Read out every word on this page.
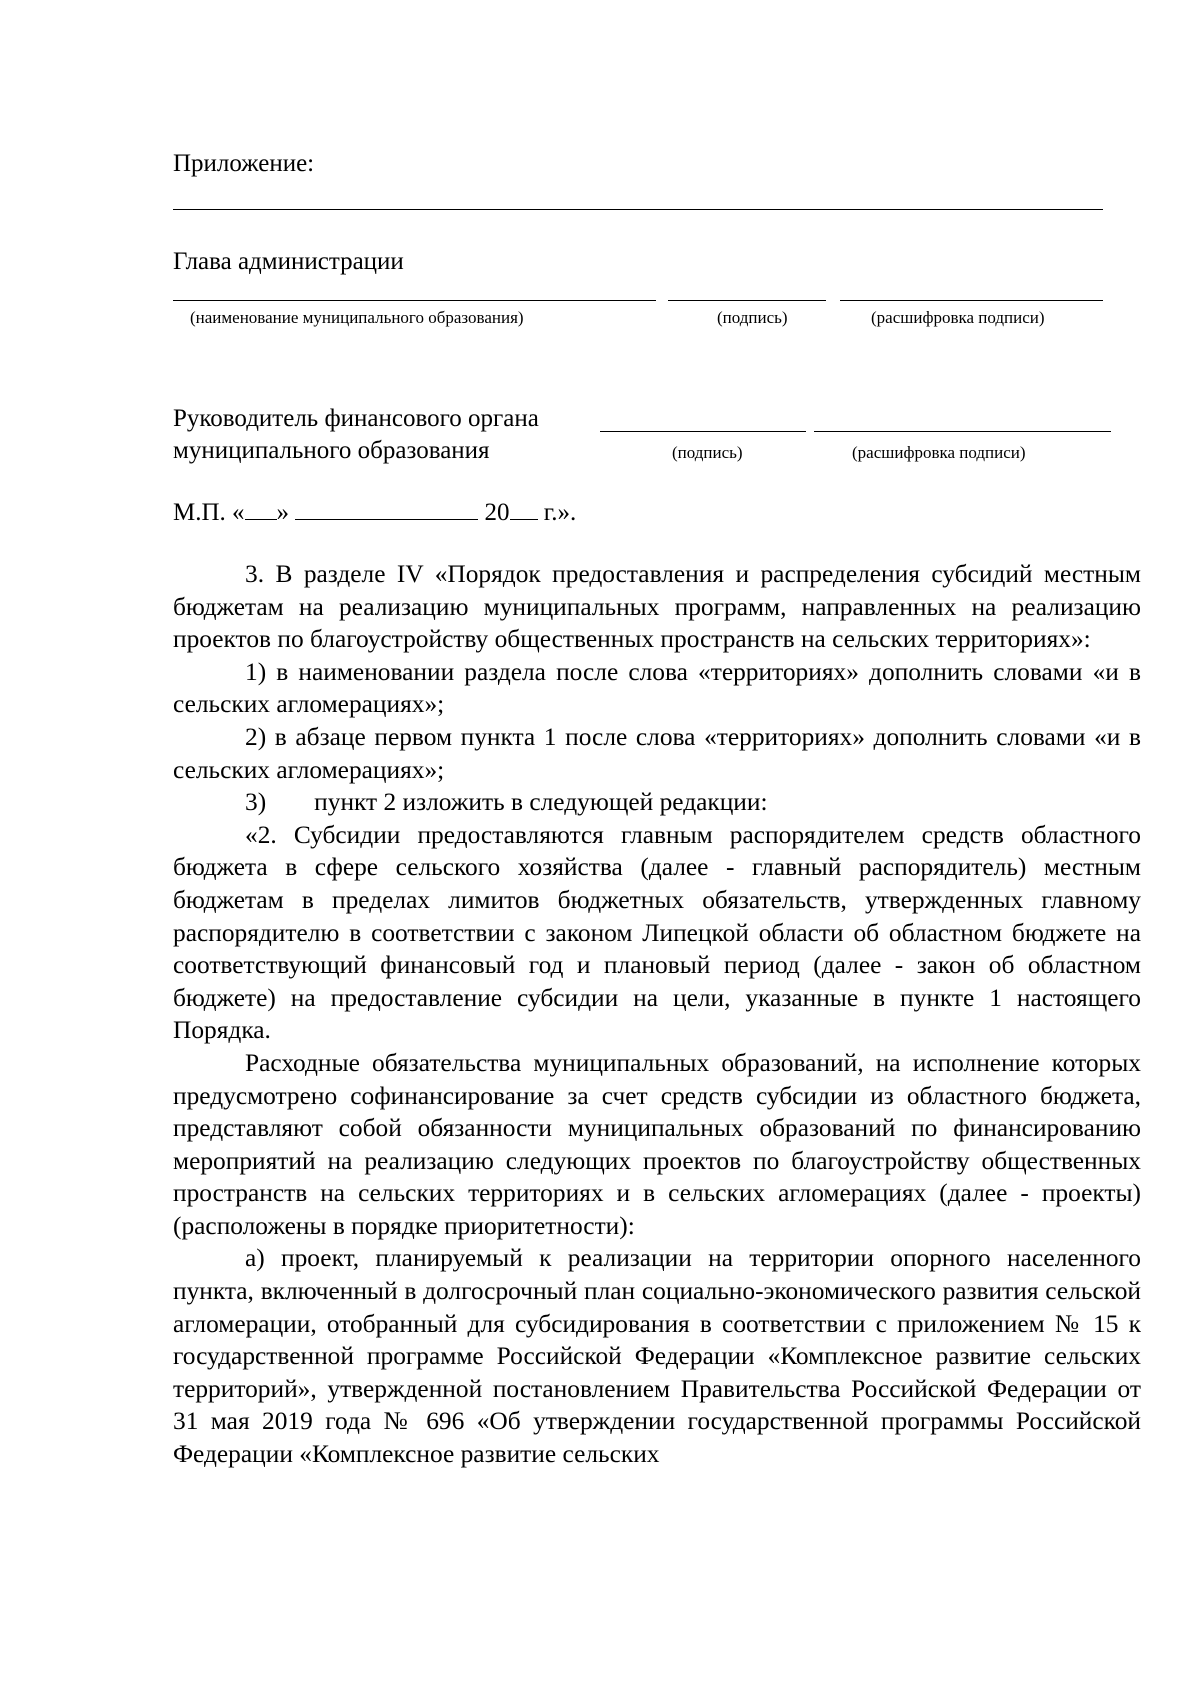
Приложение:
Глава администрации
(наименование муниципального образования)	(подпись)	(расшифровка подписи)
Руководитель финансового органа
муниципального образования	(подпись)	(расшифровка подписи)
М.П. « »	20 г.».

3. В разделе IV «Порядок предоставления и распределения субсидий местным бюджетам на реализацию муниципальных программ, направленных на реализацию проектов по благоустройству общественных пространств на сельских территориях»:

1) в наименовании раздела после слова «территориях» дополнить словами «и в сельских агломерациях»;

2) в абзаце первом пункта 1 после слова «территориях» дополнить словами «и в сельских агломерациях»;

3) пункт 2 изложить в следующей редакции:

«2. Субсидии предоставляются главным распорядителем средств областного бюджета в сфере сельского хозяйства (далее - главный распорядитель) местным бюджетам в пределах лимитов бюджетных обязательств, утвержденных главному распорядителю в соответствии с законом Липецкой области об областном бюджете на соответствующий финансовый год и плановый период (далее - закон об областном бюджете) на предоставление субсидии на цели, указанные в пункте 1 настоящего Порядка.

Расходные обязательства муниципальных образований, на исполнение которых предусмотрено софинансирование за счет средств субсидии из областного бюджета, представляют собой обязанности муниципальных образований по финансированию мероприятий на реализацию следующих проектов по благоустройству общественных пространств на сельских территориях и в сельских агломерациях (далее - проекты) (расположены в порядке приоритетности):

а) проект, планируемый к реализации на территории опорного населенного пункта, включенный в долгосрочный план социально-экономического развития сельской агломерации, отобранный для субсидирования в соответствии с приложением № 15 к государственной программе Российской Федерации «Комплексное развитие сельских территорий», утвержденной постановлением Правительства Российской Федерации от 31 мая 2019 года № 696 «Об утверждении государственной программы Российской Федерации «Комплексное развитие сельских
